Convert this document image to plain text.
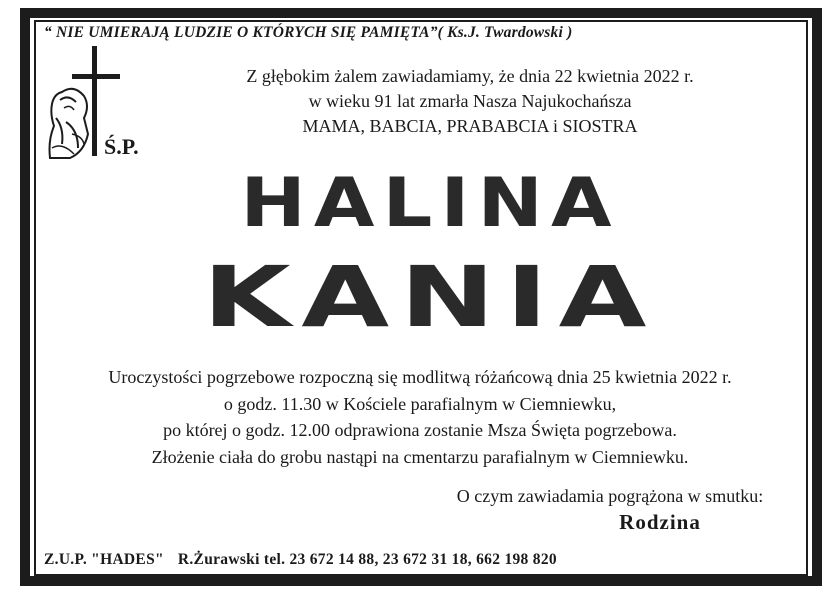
“ NIE UMIERAJĄ LUDZIE O KTÓRYCH SIĘ PAMIĘTA”( Ks.J. Twardowski )
Ś.P.
Z głębokim żalem zawiadamiamy, że dnia 22 kwietnia 2022 r.
w wieku 91 lat zmarła Nasza Najukochańsza
MAMA, BABCIA, PRABABCIA i SIOSTRA
HALINA
KANIA
Uroczystości pogrzebowe rozpoczną się modlitwą różańcową dnia 25 kwietnia 2022 r.
o godz. 11.30 w Kościele parafialnym w Ciemniewku,
po której o godz. 12.00 odprawiona zostanie Msza Święta pogrzebowa.
Złożenie ciała do grobu nastąpi na cmentarzu parafialnym w Ciemniewku.
O czym zawiadamia pogrążona w smutku:
Rodzina
Z.U.P. "HADES" R.Żurawski tel. 23 672 14 88, 23 672 31 18, 662 198 820
